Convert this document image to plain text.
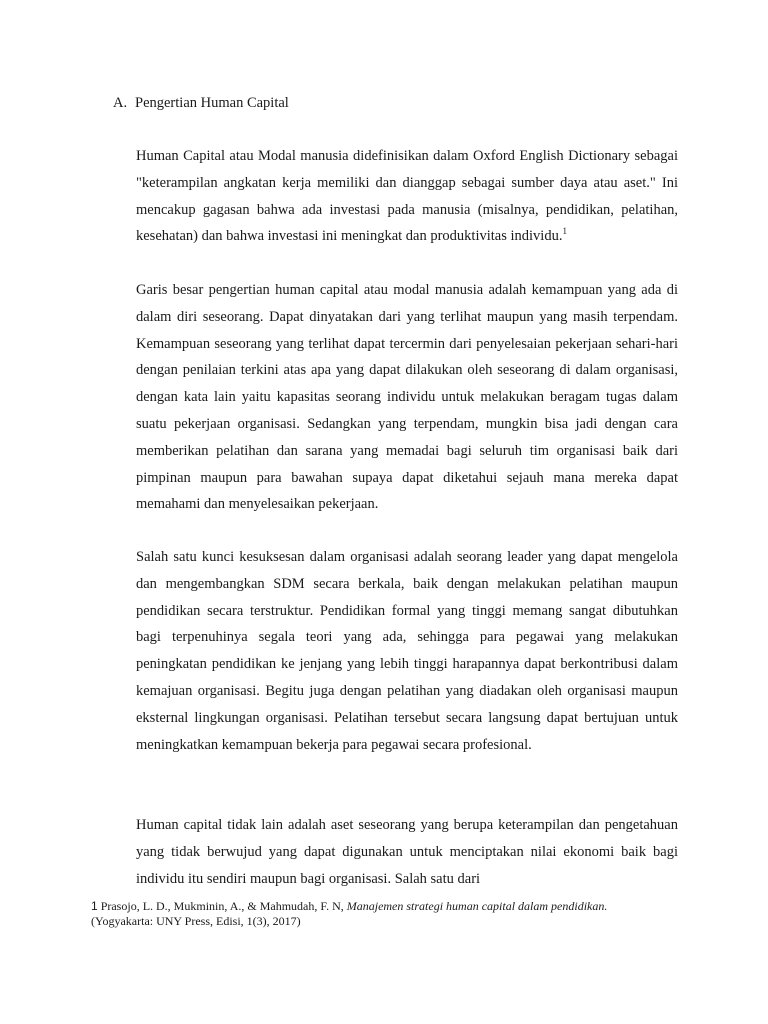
A. Pengertian Human Capital

Human Capital atau Modal manusia didefinisikan dalam Oxford English Dictionary sebagai "keterampilan angkatan kerja memiliki dan dianggap sebagai sumber daya atau aset." Ini mencakup gagasan bahwa ada investasi pada manusia (misalnya, pendidikan, pelatihan, kesehatan) dan bahwa investasi ini meningkat dan produktivitas individu.$^1$

Garis besar pengertian human capital atau modal manusia adalah kemampuan yang ada di dalam diri seseorang. Dapat dinyatakan dari yang terlihat maupun yang masih terpendam. Kemampuan seseorang yang terlihat dapat tercermin dari penyelesaian pekerjaan sehari-hari dengan penilaian terkini atas apa yang dapat dilakukan oleh seseorang di dalam organisasi, dengan kata lain yaitu kapasitas seorang individu untuk melakukan beragam tugas dalam suatu pekerjaan organisasi. Sedangkan yang terpendam, mungkin bisa jadi dengan cara memberikan pelatihan dan sarana yang memadai bagi seluruh tim organisasi baik dari pimpinan maupun para bawahan supaya dapat diketahui sejauh mana mereka dapat memahami dan menyelesaikan pekerjaan.

Salah satu kunci kesuksesan dalam organisasi adalah seorang leader yang dapat mengelola dan mengembangkan SDM secara berkala, baik dengan melakukan pelatihan maupun pendidikan secara terstruktur. Pendidikan formal yang tinggi memang sangat dibutuhkan bagi terpenuhinya segala teori yang ada, sehingga para pegawai yang melakukan peningkatan pendidikan ke jenjang yang lebih tinggi harapannya dapat berkontribusi dalam kemajuan organisasi. Begitu juga dengan pelatihan yang diadakan oleh organisasi maupun eksternal lingkungan organisasi. Pelatihan tersebut secara langsung dapat bertujuan untuk meningkatkan kemampuan bekerja para pegawai secara profesional.

Human capital tidak lain adalah aset seseorang yang berupa keterampilan dan pengetahuan yang tidak berwujud yang dapat digunakan untuk menciptakan nilai ekonomi baik bagi individu itu sendiri maupun bagi organisasi. Salah satu dari

1 Prasojo, L. D., Mukminin, A., & Mahmudah, F. N, Manajemen strategi human capital dalam pendidikan.
(Yogyakarta: UNY Press, Edisi, 1(3), 2017)
